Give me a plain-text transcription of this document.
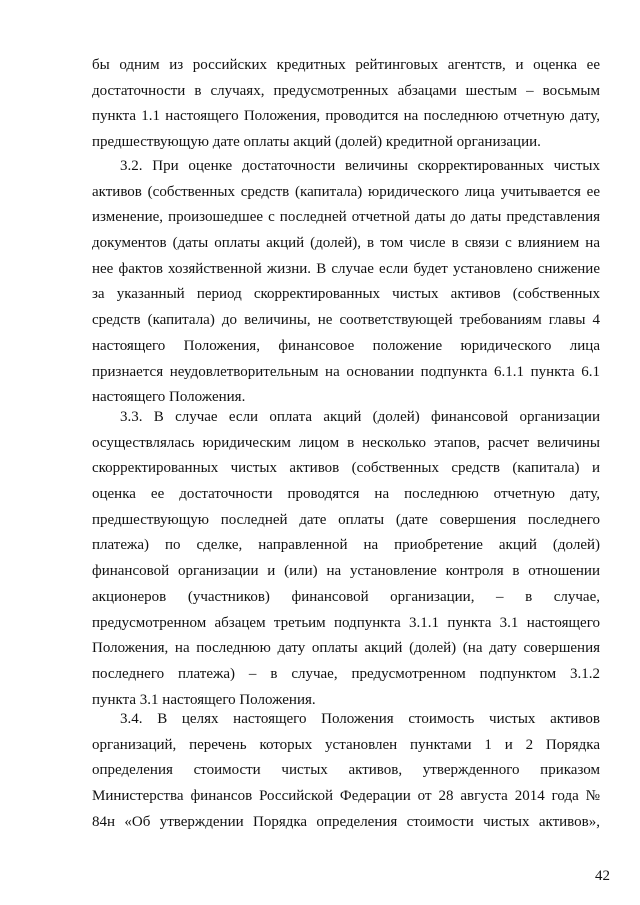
бы одним из российских кредитных рейтинговых агентств, и оценка ее
достаточности в случаях, предусмотренных абзацами шестым – восьмым
пункта 1.1 настоящего Положения, проводится на последнюю отчетную дату,
предшествующую дате оплаты акций (долей) кредитной организации.
3.2. При оценке достаточности величины скорректированных чистых
активов (собственных средств (капитала) юридического лица учитывается ее
изменение, произошедшее с последней отчетной даты до даты представления
документов (даты оплаты акций (долей), в том числе в связи с влиянием на
нее фактов хозяйственной жизни. В случае если будет установлено снижение
за указанный период скорректированных чистых активов (собственных
средств (капитала) до величины, не соответствующей требованиям главы 4
настоящего Положения, финансовое положение юридического лица
признается неудовлетворительным на основании подпункта 6.1.1 пункта 6.1
настоящего Положения.
3.3. В случае если оплата акций (долей) финансовой организации
осуществлялась юридическим лицом в несколько этапов, расчет величины
скорректированных чистых активов (собственных средств (капитала) и
оценка ее достаточности проводятся на последнюю отчетную дату,
предшествующую последней дате оплаты (дате совершения последнего
платежа) по сделке, направленной на приобретение акций (долей)
финансовой организации и (или) на установление контроля в отношении
акционеров (участников) финансовой организации, – в случае,
предусмотренном абзацем третьим подпункта 3.1.1 пункта 3.1 настоящего
Положения, на последнюю дату оплаты акций (долей) (на дату совершения
последнего платежа) – в случае, предусмотренном подпунктом 3.1.2
пункта 3.1 настоящего Положения.
3.4. В целях настоящего Положения стоимость чистых активов
организаций, перечень которых установлен пунктами 1 и 2 Порядка
определения стоимости чистых активов, утвержденного приказом
Министерства финансов Российской Федерации от 28 августа 2014 года №
84н «Об утверждении Порядка определения стоимости чистых активов»,
42
